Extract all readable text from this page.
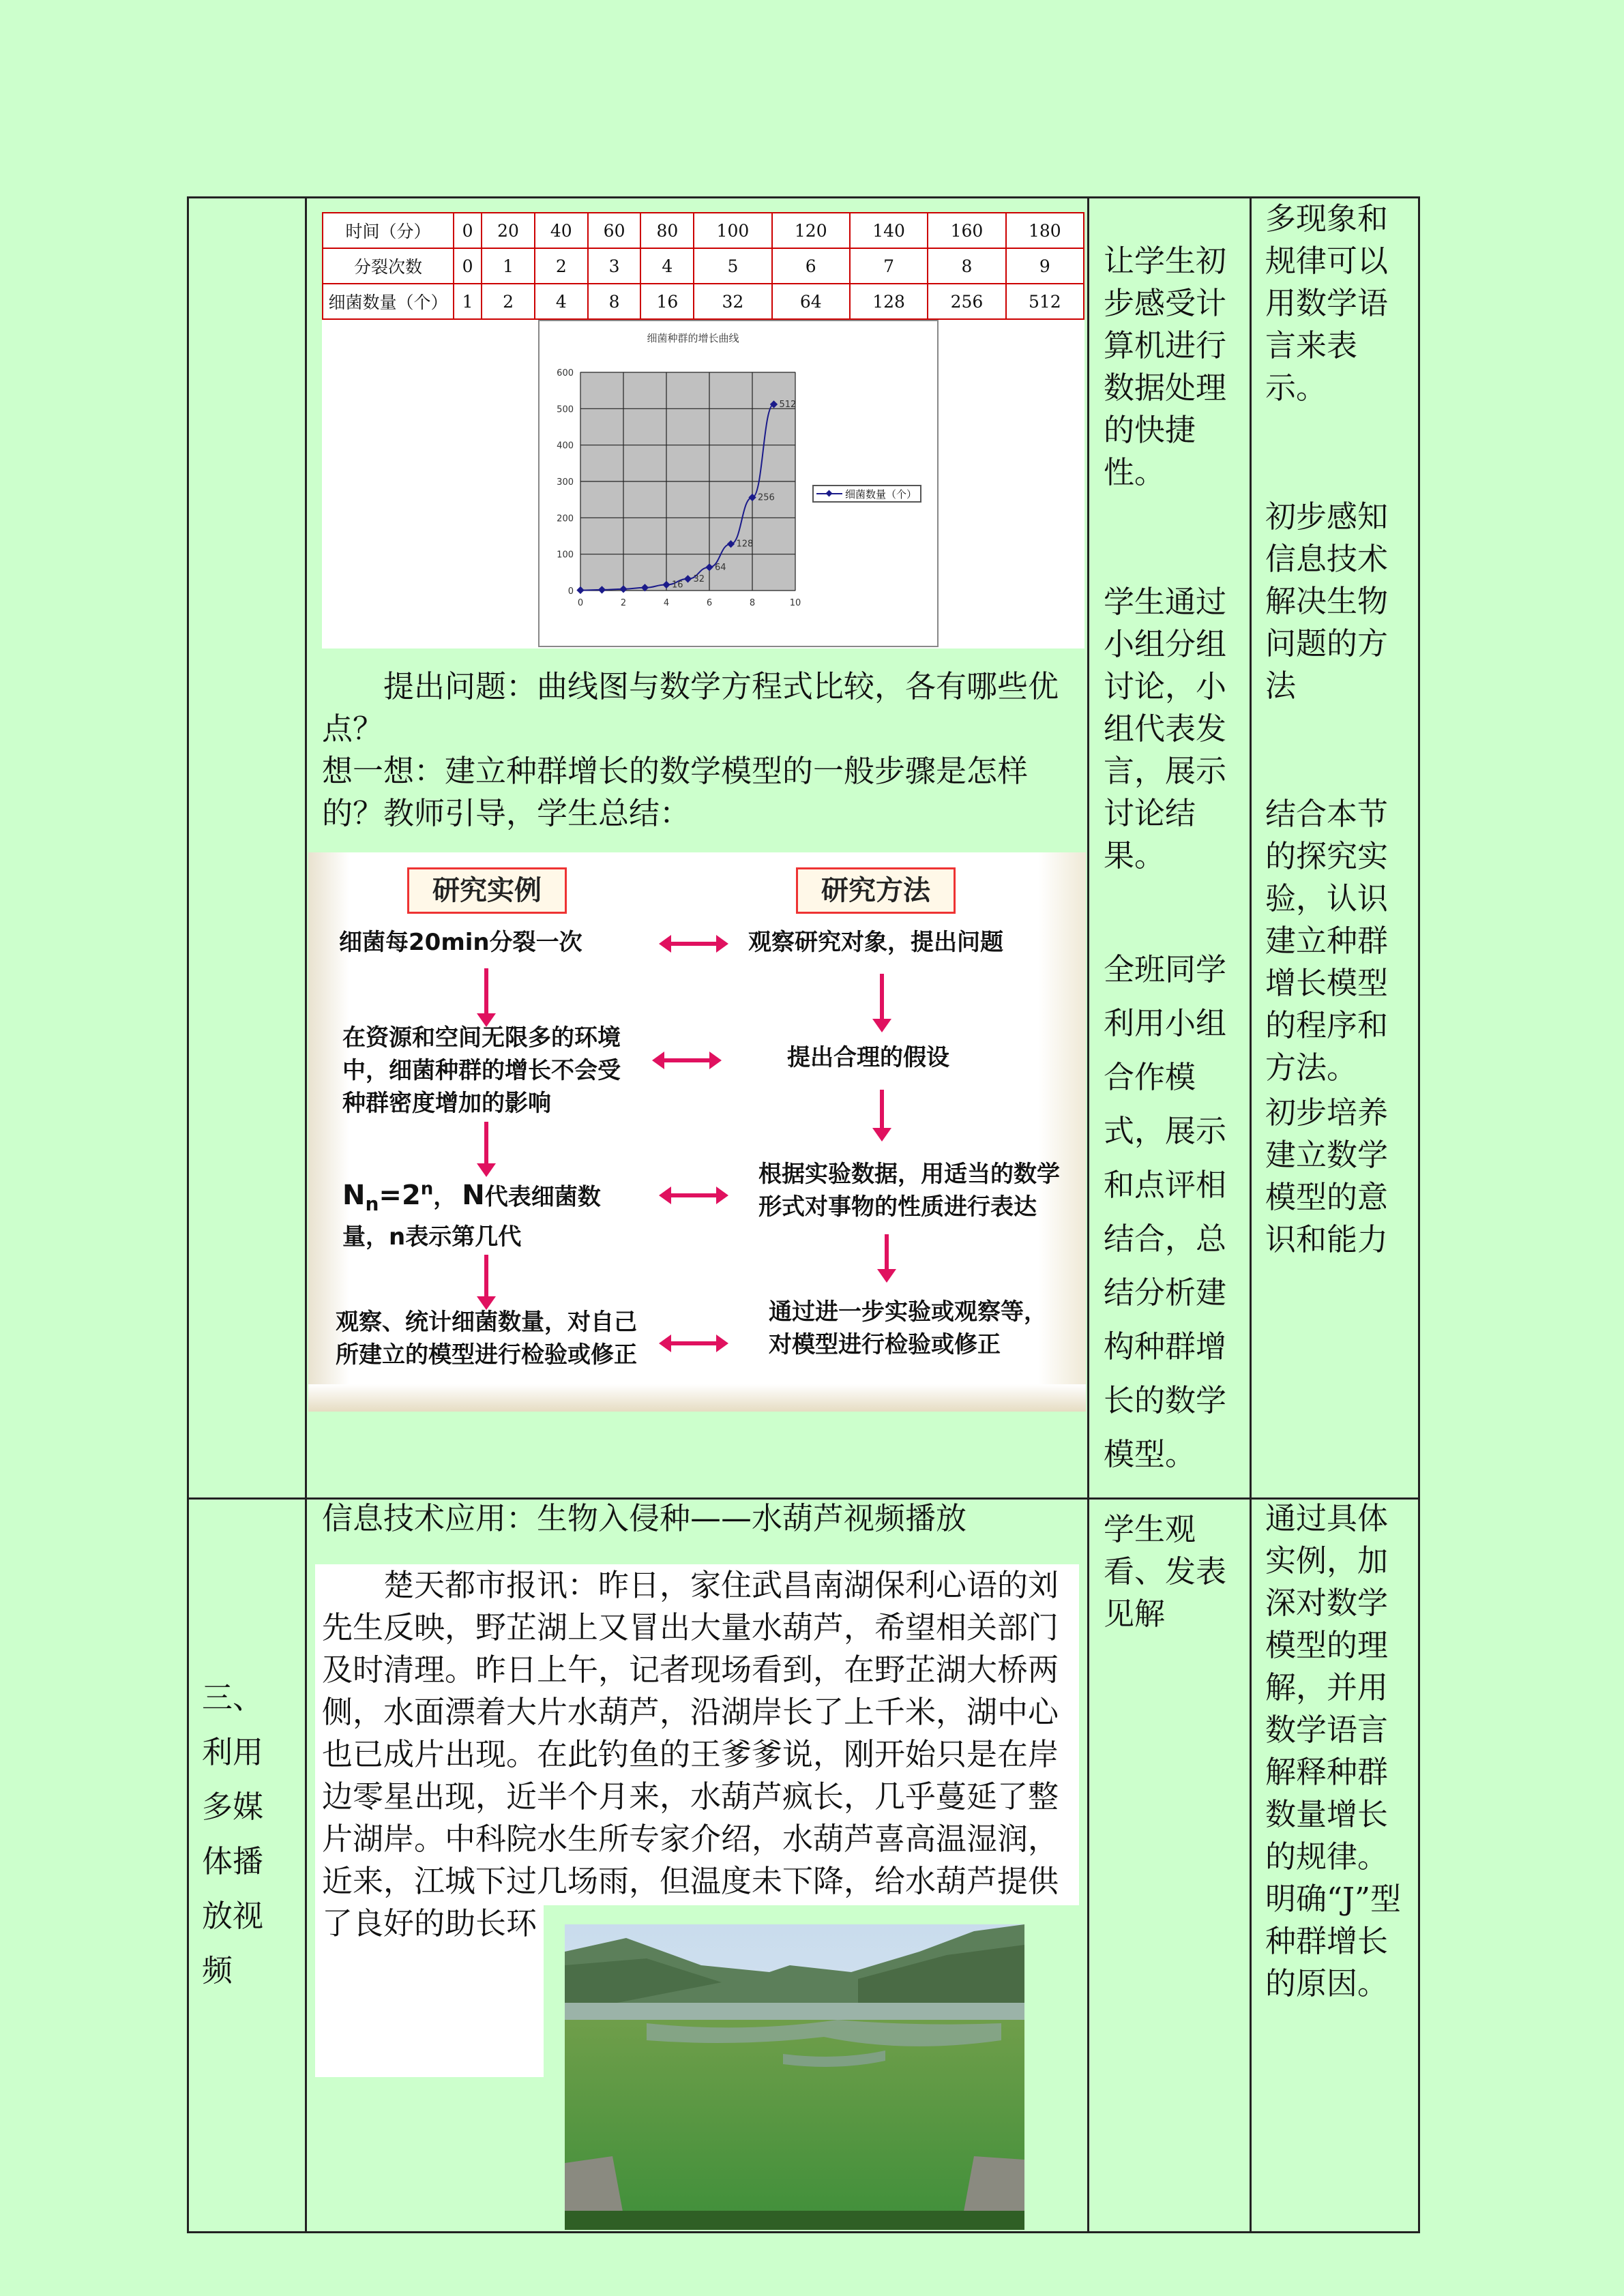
时间（分）	0	20	40	60	80	100	120	140	160	180
分裂次数	0	1	2	3	4	5	6	7	8	9
细菌数量（个）	1	2	4	8	16	32	64	128	256	512
细菌种群的增长曲线
0
100
200
300
400
500
600
0	2	4	6	8	10
16
32
64
128
256
512
细菌数量（个）
提出问题：曲线图与数学方程式比较，各有哪些优点？
想一想：建立种群增长的数学模型的一般步骤是怎样的？教师引导，学生总结：
研究实例	研究方法
细菌每20min分裂一次	观察研究对象，提出问题
在资源和空间无限多的环境中，细菌种群的增长不会受种群密度增加的影响
提出合理的假设
$N_n=2^n$， N代表细菌数量，n表示第几代
根据实验数据，用适当的数学形式对事物的性质进行表达
观察、统计细菌数量，对自己所建立的模型进行检验或修正
通过进一步实验或观察等，对模型进行检验或修正
让学生初步感受计算机进行数据处理的快捷性。
学生通过小组分组讨论，小组代表发言，展示讨论结果。
全班同学利用小组合作模式，展示和点评相结合，总结分析建构种群增长的数学模型。
多现象和规律可以用数学语言来表示。
初步感知信息技术解决生物问题的方法
结合本节的探究实验，认识建立种群增长模型的程序和方法。
初步培养建立数学模型的意识和能力
三、利用多媒体播放视频
信息技术应用：生物入侵种——水葫芦视频播放
楚天都市报讯：昨日，家住武昌南湖保利心语的刘先生反映，野芷湖上又冒出大量水葫芦，希望相关部门及时清理。昨日上午，记者现场看到，在野芷湖大桥两侧，水面漂着大片水葫芦，沿湖岸长了上千米，湖中心也已成片出现。在此钓鱼的王爹爹说，刚开始只是在岸边零星出现，近半个月来，水葫芦疯长，几乎蔓延了整片湖岸。中科院水生所专家介绍，水葫芦喜高温湿润，近来，江城下过几场雨，但温度未下降，给水葫芦提供了良好的助长环
学生观看、发表见解
通过具体实例，加深对数学模型的理解，并用数学语言解释种群数量增长的规律。明确“J”型种群增长的原因。
